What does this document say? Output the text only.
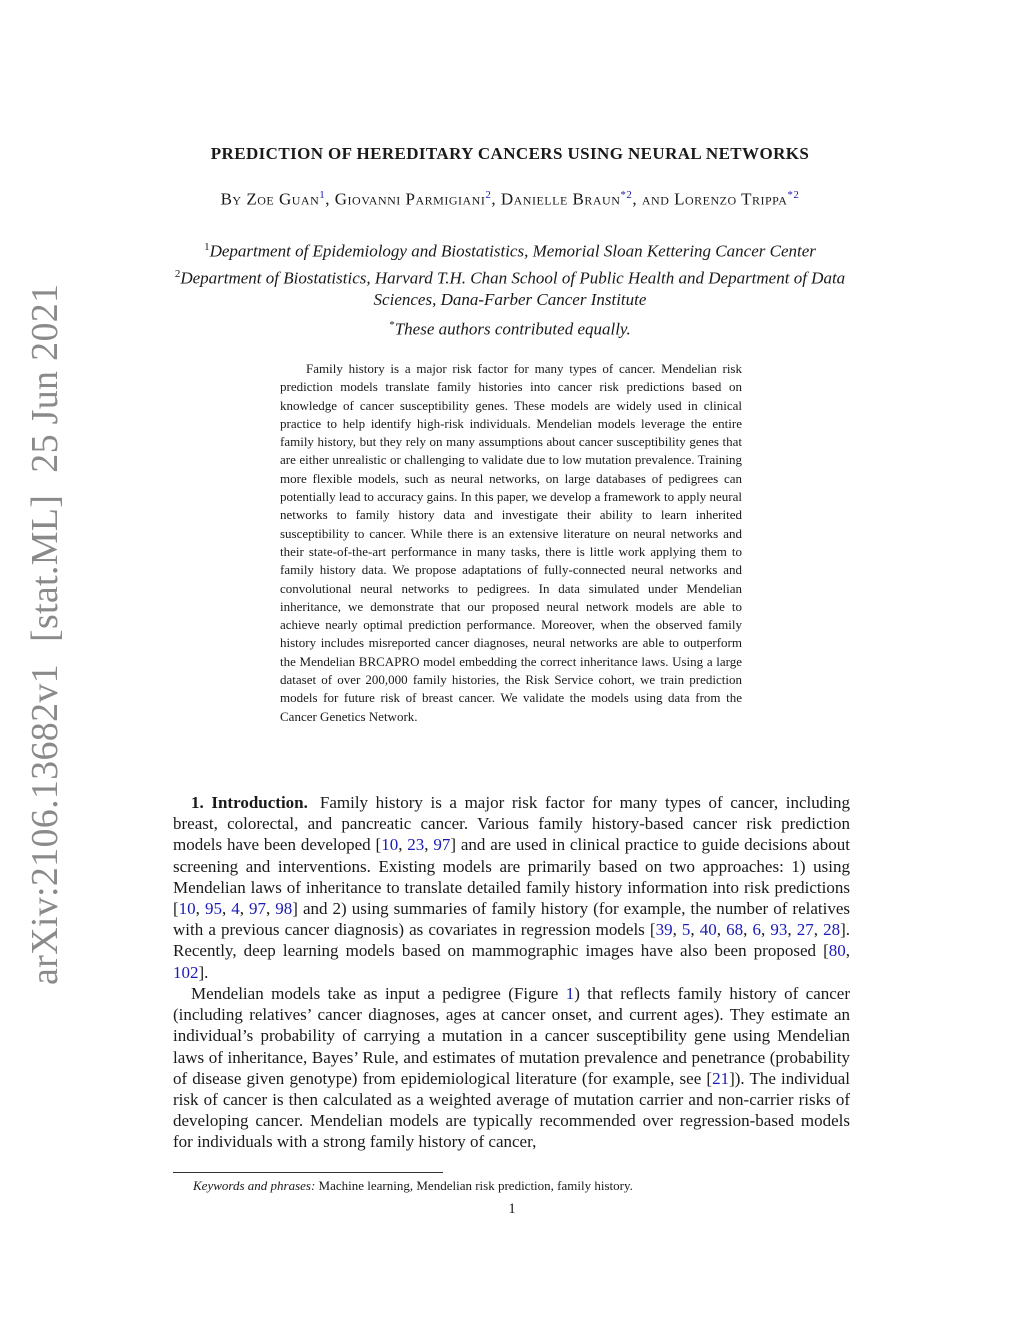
arXiv:2106.13682v1[stat.ML]25 Jun 2021
PREDICTION OF HEREDITARY CANCERS USING NEURAL NETWORKS
By Zoe Guan$^1$, Giovanni Parmigiani$^2$, Danielle Braun$^{*2}$, and Lorenzo Trippa$^{*2}$
$^1$Department of Epidemiology and Biostatistics, Memorial Sloan Kettering Cancer Center
$^2$Department of Biostatistics, Harvard T.H. Chan School of Public Health and Department of Data Sciences, Dana-Farber Cancer Institute
*These authors contributed equally.

Family history is a major risk factor for many types of cancer. Mendelian risk prediction models translate family histories into cancer risk predictions based on knowledge of cancer susceptibility genes. These models are widely used in clinical practice to help identify high-risk individuals. Mendelian models leverage the entire family history, but they rely on many assumptions about cancer susceptibility genes that are either unrealistic or challenging to validate due to low mutation prevalence. Training more flexible models, such as neural networks, on large databases of pedigrees can potentially lead to accuracy gains. In this paper, we develop a framework to apply neural networks to family history data and investigate their ability to learn inherited susceptibility to cancer. While there is an extensive literature on neural networks and their state-of-the-art performance in many tasks, there is little work applying them to family history data. We propose adaptations of fully-connected neural networks and convolutional neural networks to pedigrees. In data simulated under Mendelian inheritance, we demonstrate that our proposed neural network models are able to achieve nearly optimal prediction performance. Moreover, when the observed family history includes misreported cancer diagnoses, neural networks are able to outperform the Mendelian BRCAPRO model embedding the correct inheritance laws. Using a large dataset of over 200,000 family histories, the Risk Service cohort, we train prediction models for future risk of breast cancer. We validate the models using data from the Cancer Genetics Network.

1. Introduction. Family history is a major risk factor for many types of cancer, including breast, colorectal, and pancreatic cancer. Various family history-based cancer risk prediction models have been developed [10, 23, 97] and are used in clinical practice to guide decisions about screening and interventions. Existing models are primarily based on two approaches: 1) using Mendelian laws of inheritance to translate detailed family history information into risk predictions [10, 95, 4, 97, 98] and 2) using summaries of family history (for example, the number of relatives with a previous cancer diagnosis) as covariates in regression models [39, 5, 40, 68, 6, 93, 27, 28]. Recently, deep learning models based on mammographic images have also been proposed [80, 102].

Mendelian models take as input a pedigree (Figure 1) that reflects family history of cancer (including relatives’ cancer diagnoses, ages at cancer onset, and current ages). They estimate an individual’s probability of carrying a mutation in a cancer susceptibility gene using Mendelian laws of inheritance, Bayes’ Rule, and estimates of mutation prevalence and penetrance (probability of disease given genotype) from epidemiological literature (for example, see [21]). The individual risk of cancer is then calculated as a weighted average of mutation carrier and non-carrier risks of developing cancer. Mendelian models are typically recommended over regression-based models for individuals with a strong family history of cancer,

Keywords and phrases: Machine learning, Mendelian risk prediction, family history.
1
